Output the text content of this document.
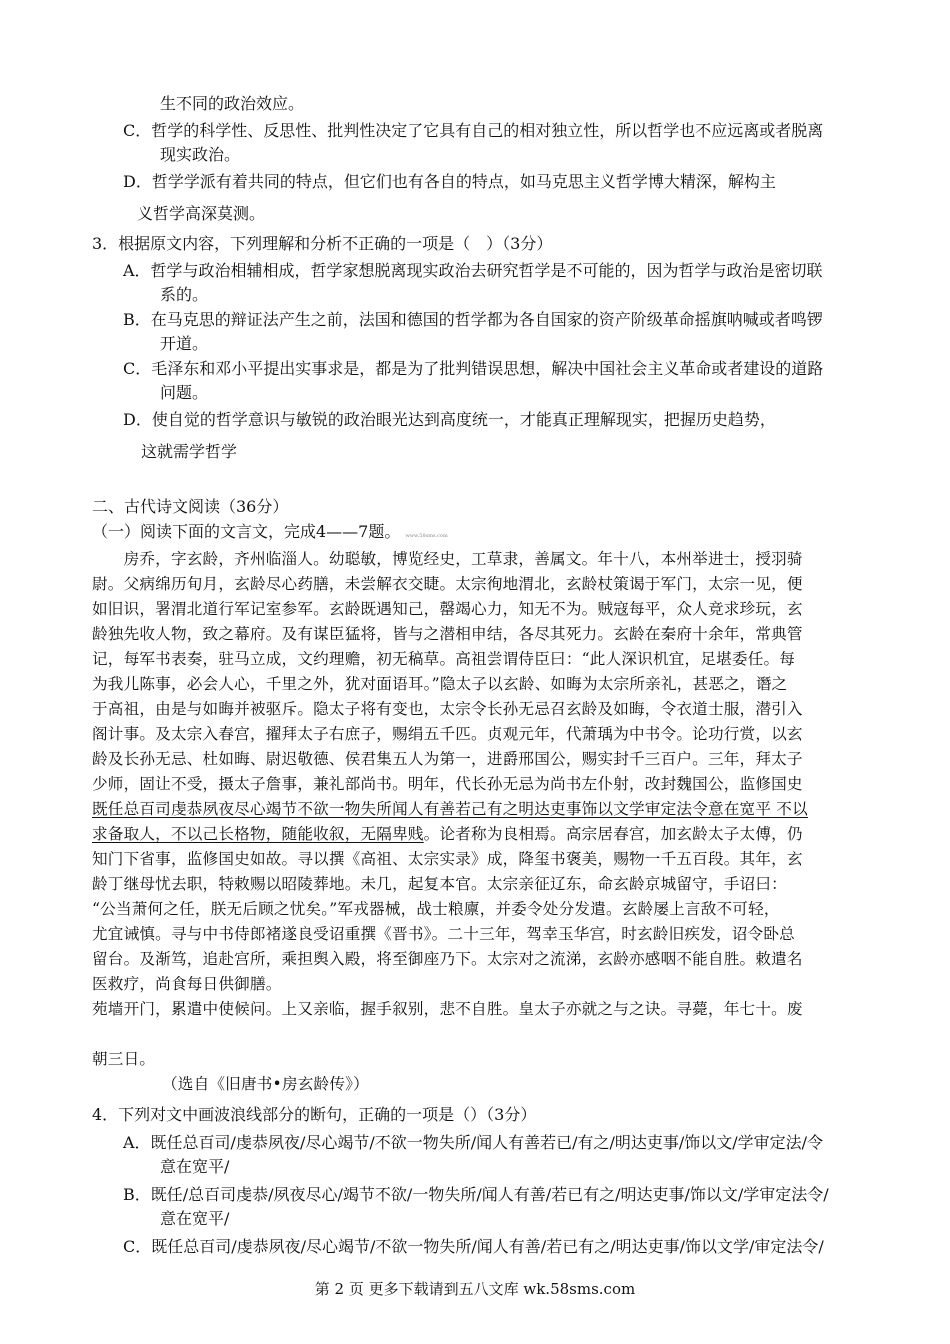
生不同的政治效应。
C．哲学的科学性、反思性、批判性决定了它具有自己的相对独立性，所以哲学也不应远离或者脱离
现实政治。
D．哲学学派有着共同的特点，但它们也有各自的特点，如马克思主义哲学博大精深，解构主
义哲学高深莫测。
3．根据原文内容，下列理解和分析不正确的一项是（　）（3分）
A．哲学与政治相辅相成，哲学家想脱离现实政治去研究哲学是不可能的，因为哲学与政治是密切联
系的。
B．在马克思的辩证法产生之前，法国和德国的哲学都为各自国家的资产阶级革命摇旗呐喊或者鸣锣
开道。
C．毛泽东和邓小平提出实事求是，都是为了批判错误思想，解决中国社会主义革命或者建设的道路
问题。
D．使自觉的哲学意识与敏锐的政治眼光达到高度统一，才能真正理解现实，把握历史趋势，
这就需学哲学
二、古代诗文阅读（36分）
（一）阅读下面的文言文，完成4——7题。 www.58sms.com
　　房乔，字玄龄，齐州临淄人。幼聪敏，博览经史，工草隶，善属文。年十八，本州举进士，授羽骑
尉。父病绵历旬月，玄龄尽心药膳，未尝解衣交睫。太宗徇地渭北，玄龄杖策谒于军门，太宗一见，便
如旧识，署渭北道行军记室参军。玄龄既遇知己，罄竭心力，知无不为。贼寇每平，众人竞求珍玩，玄
龄独先收人物，致之幕府。及有谋臣猛将，皆与之潜相申结，各尽其死力。玄龄在秦府十余年，常典管
记，每军书表奏，驻马立成，文约理赡，初无稿草。高祖尝谓侍臣曰：“此人深识机宜，足堪委任。每
为我儿陈事，必会人心，千里之外，犹对面语耳。”隐太子以玄龄、如晦为太宗所亲礼，甚恶之，谮之
于高祖，由是与如晦并被驱斥。隐太子将有变也，太宗令长孙无忌召玄龄及如晦，令衣道士服，潜引入
阁计事。及太宗入春宫，擢拜太子右庶子，赐绢五千匹。贞观元年，代萧瑀为中书令。论功行赏，以玄
龄及长孙无忌、杜如晦、尉迟敬德、侯君集五人为第一，进爵邢国公，赐实封千三百户。三年，拜太子
少师，固让不受，摄太子詹事，兼礼部尚书。明年，代长孙无忌为尚书左仆射，改封魏国公，监修国史
既任总百司虔恭夙夜尽心竭节不欲一物失所闻人有善若己有之明达吏事饰以文学审定法令意在宽平 不以
求备取人，不以己长格物，随能收叙，无隔卑贱。论者称为良相焉。高宗居春宫，加玄龄太子太傅，仍
知门下省事，监修国史如故。寻以撰《高祖、太宗实录》成，降玺书褒美，赐物一千五百段。其年，玄
龄丁继母忧去职，特敕赐以昭陵葬地。未几，起复本官。太宗亲征辽东，命玄龄京城留守，手诏曰：
“公当萧何之任，朕无后顾之忧矣。”军戎器械，战士粮廪，并委令处分发遣。玄龄屡上言敌不可轻，
尤宜诫慎。寻与中书侍郎褚遂良受诏重撰《晋书》。二十三年，驾幸玉华宫，时玄龄旧疾发，诏令卧总
留台。及渐笃，追赴宫所，乘担舆入殿，将至御座乃下。太宗对之流涕，玄龄亦感咽不能自胜。敕遣名
医救疗，尚食每日供御膳。
苑墙开门，累遣中使候问。上又亲临，握手叙别，悲不自胜。皇太子亦就之与之诀。寻薨，年七十。废
朝三日。
（选自《旧唐书•房玄龄传》）
4．下列对文中画波浪线部分的断句，正确的一项是（）（3分）
A．既任总百司/虔恭夙夜/尽心竭节/不欲一物失所/闻人有善若已/有之/明达吏事/饰以文/学审定法/令
意在宽平/
B．既任/总百司虔恭/夙夜尽心/竭节不欲/一物失所/闻人有善/若已有之/明达吏事/饰以文/学审定法令/
意在宽平/
C．既任总百司/虔恭夙夜/尽心竭节/不欲一物失所/闻人有善/若已有之/明达吏事/饰以文学/审定法令/
第 2 页 更多下载请到五八文库 wk.58sms.com
